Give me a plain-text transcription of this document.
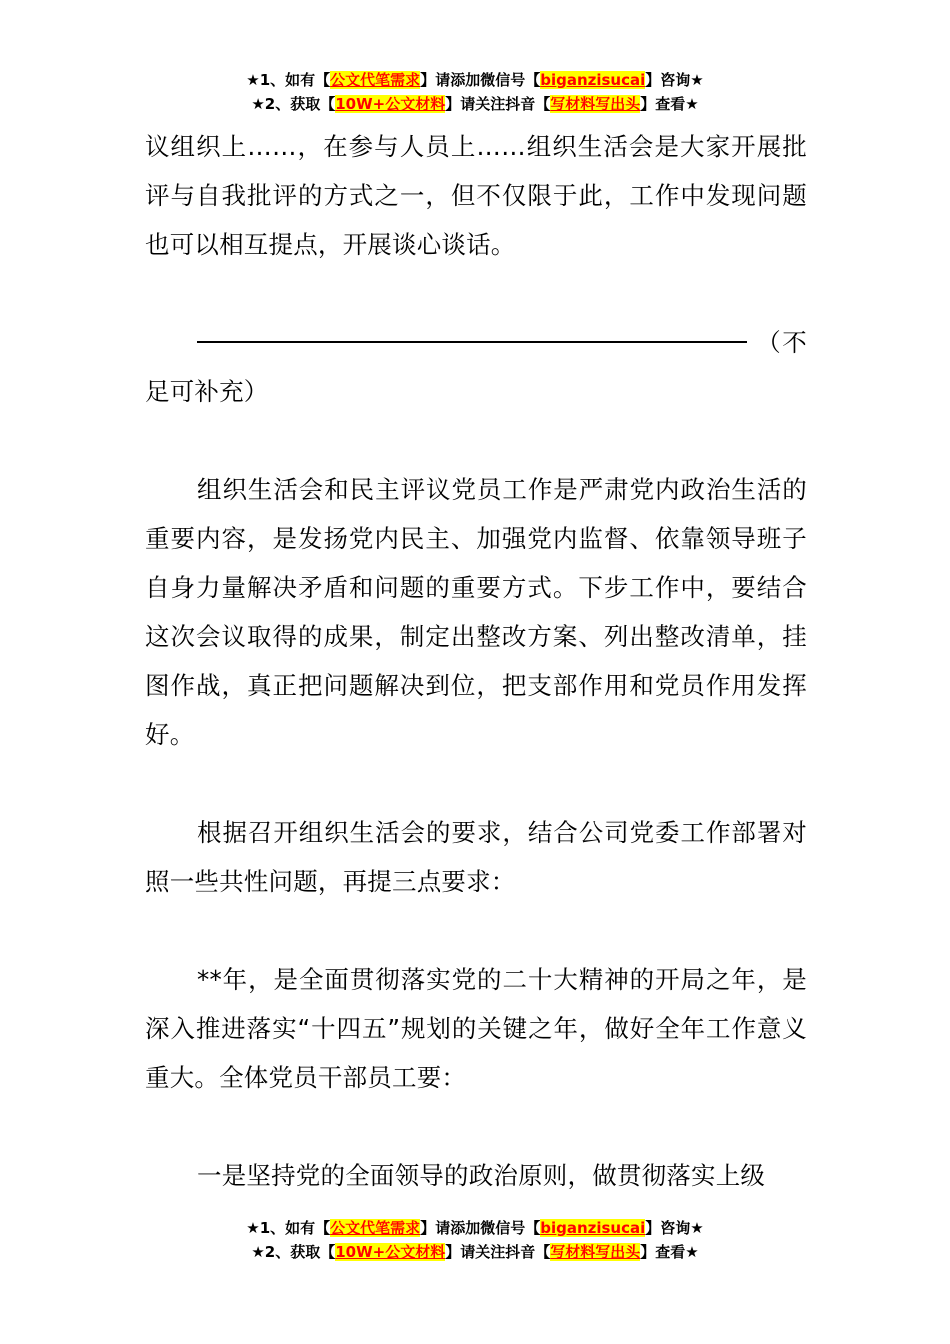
★1、如有【公文代笔需求】请添加微信号【biganzisucai】咨询★
★2、获取【10W+公文材料】请关注抖音【写材料写出头】查看★

议组织上……，在参与人员上……组织生活会是大家开展批评与自我批评的方式之一，但不仅限于此，工作中发现问题也可以相互提点，开展谈心谈话。

（不足可补充）

组织生活会和民主评议党员工作是严肃党内政治生活的重要内容，是发扬党内民主、加强党内监督、依靠领导班子自身力量解决矛盾和问题的重要方式。下步工作中，要结合这次会议取得的成果，制定出整改方案、列出整改清单，挂图作战，真正把问题解决到位，把支部作用和党员作用发挥好。

根据召开组织生活会的要求，结合公司党委工作部署对照一些共性问题，再提三点要求：

**年，是全面贯彻落实党的二十大精神的开局之年，是深入推进落实“十四五”规划的关键之年，做好全年工作意义重大。全体党员干部员工要：

一是坚持党的全面领导的政治原则，做贯彻落实上级

★1、如有【公文代笔需求】请添加微信号【biganzisucai】咨询★
★2、获取【10W+公文材料】请关注抖音【写材料写出头】查看★
